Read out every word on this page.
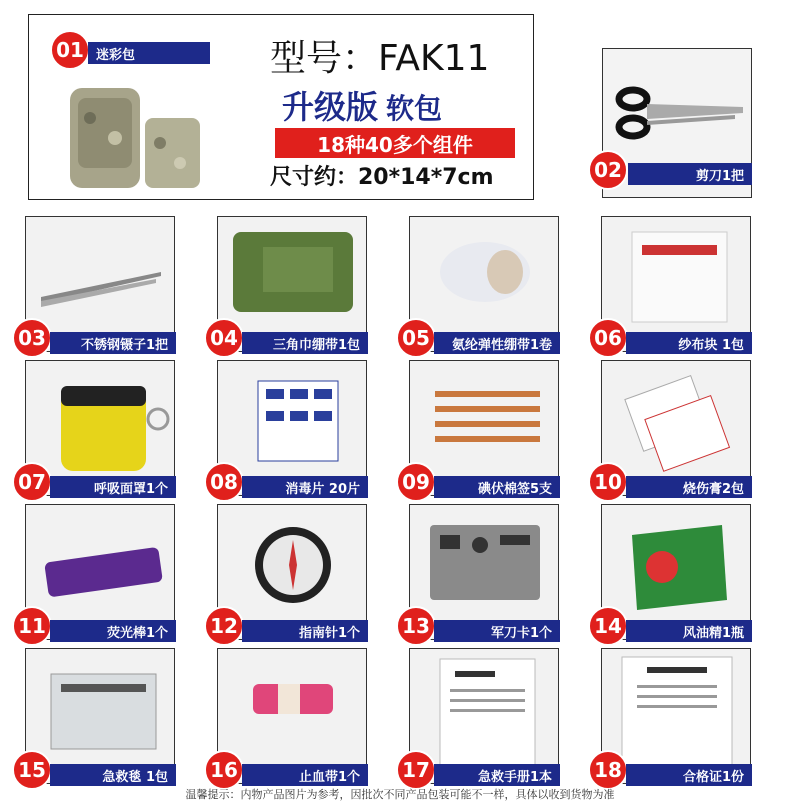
01 迷彩包	型号：FAK11
升级版 软包
18种40多个组件
尺寸约：20*14*7cm	02	剪刀1把
03	不锈钢镊子1把	04	三角巾绷带1包	05	氨纶弹性绷带1卷	06	纱布块 1包
07	呼吸面罩1个	08	消毒片 20片	09	碘伏棉签5支	10	烧伤膏2包
11	荧光棒1个	12	指南针1个	13	军刀卡1个	14	风油精1瓶
15	急救毯 1包	16	止血带1个	17	急救手册1本	18	合格证1份
温馨提示：内物产品图片为参考，因批次不同产品包装可能不一样，具体以收到货物为准
